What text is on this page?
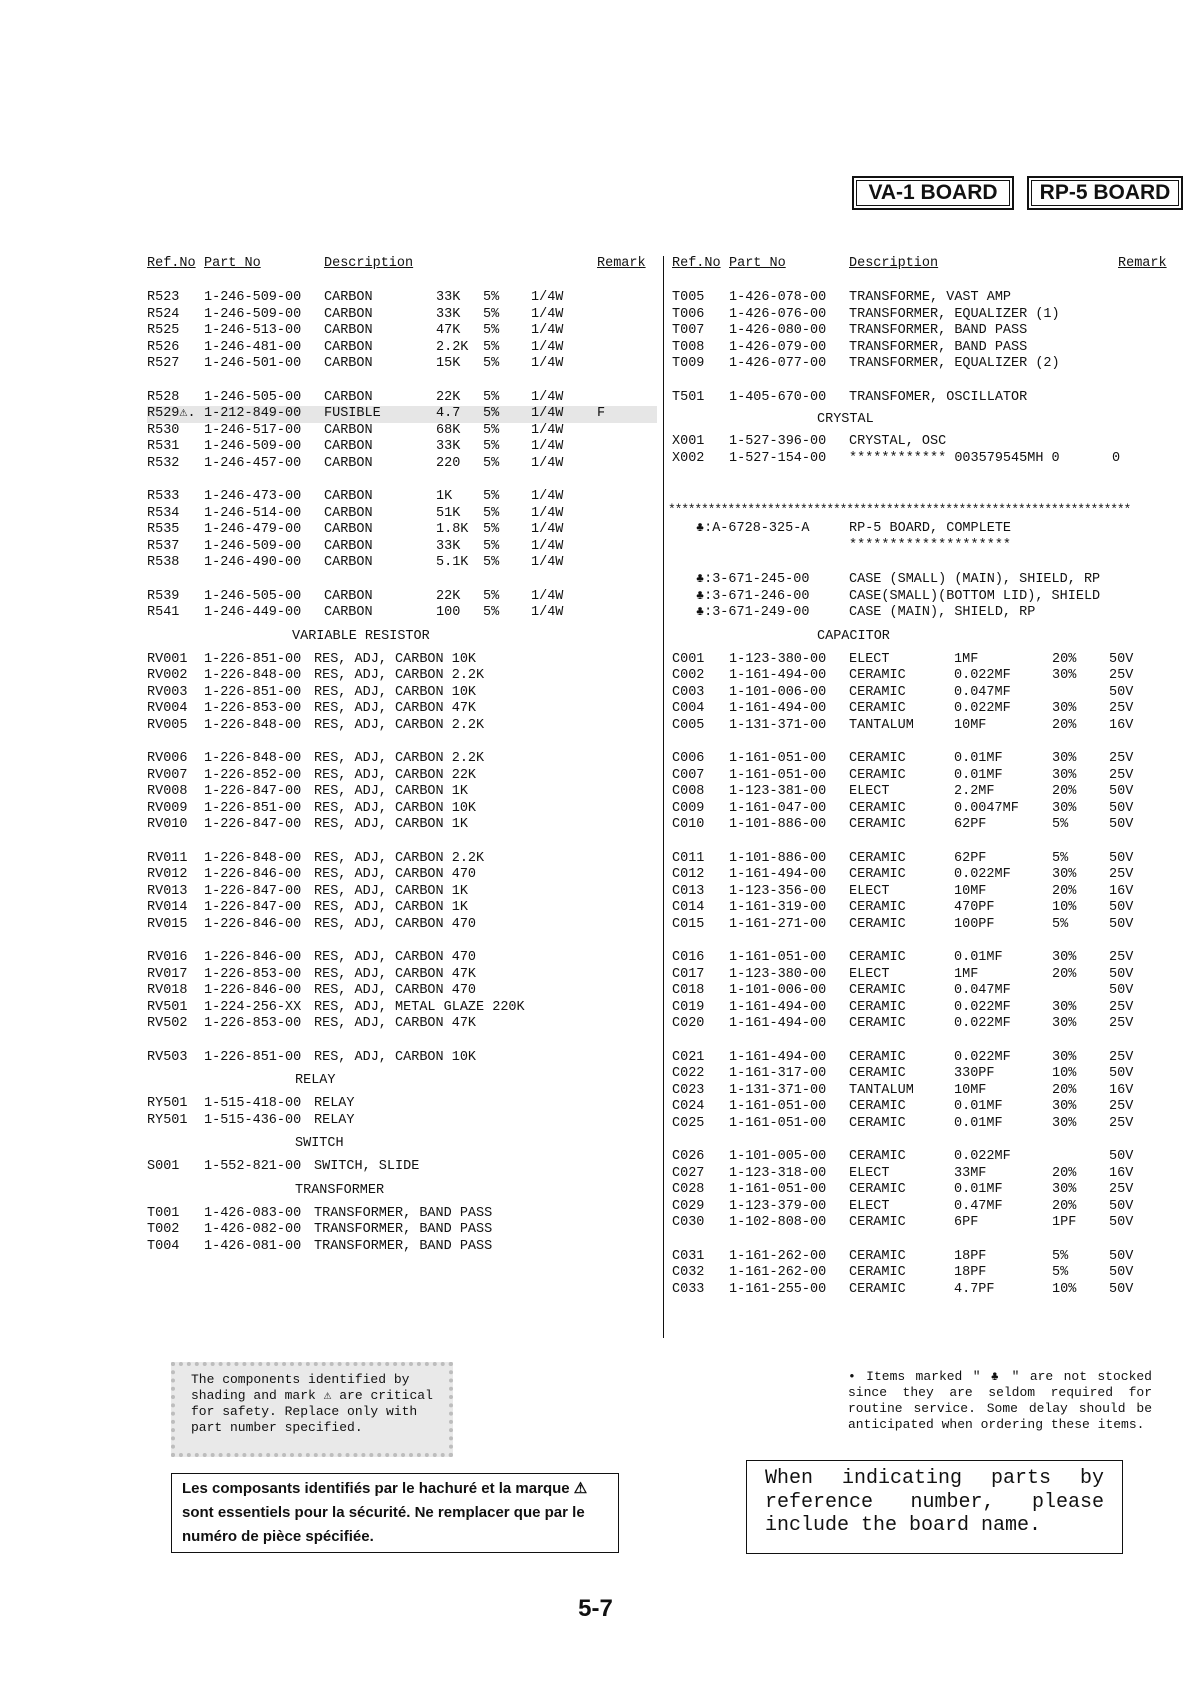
VA-1 BOARD RP-5 BOARD
Ref.No Part No	Description	Remark
R523 1-246-509-00 CARBON	33K 5% 1/4W
R524 1-246-509-00 CARBON	33K 5% 1/4W
R525 1-246-513-00 CARBON	47K 5% 1/4W
R526 1-246-481-00 CARBON	2.2K 5% 1/4W
R527 1-246-501-00 CARBON	15K 5% 1/4W
R528 1-246-505-00 CARBON	22K 5% 1/4W
R529⚠. 1-212-849-00 FUSIBLE	4.7 5% 1/4W F
R530 1-246-517-00 CARBON	68K 5% 1/4W
R531 1-246-509-00 CARBON	33K 5% 1/4W
R532 1-246-457-00 CARBON	220 5% 1/4W
R533 1-246-473-00 CARBON	1K 5% 1/4W
R534 1-246-514-00 CARBON	51K 5% 1/4W
R535 1-246-479-00 CARBON	1.8K 5% 1/4W
R537 1-246-509-00 CARBON	33K 5% 1/4W
R538 1-246-490-00 CARBON	5.1K 5% 1/4W
R539 1-246-505-00 CARBON	22K 5% 1/4W
R541 1-246-449-00 CARBON	100 5% 1/4W
VARIABLE RESISTOR
RV001 1-226-851-00 RES, ADJ, CARBON 10K
RV002 1-226-848-00 RES, ADJ, CARBON 2.2K
RV003 1-226-851-00 RES, ADJ, CARBON 10K
RV004 1-226-853-00 RES, ADJ, CARBON 47K
RV005 1-226-848-00 RES, ADJ, CARBON 2.2K
RV006 1-226-848-00 RES, ADJ, CARBON 2.2K
RV007 1-226-852-00 RES, ADJ, CARBON 22K
RV008 1-226-847-00 RES, ADJ, CARBON 1K
RV009 1-226-851-00 RES, ADJ, CARBON 10K
RV010 1-226-847-00 RES, ADJ, CARBON 1K
RV011 1-226-848-00 RES, ADJ, CARBON 2.2K
RV012 1-226-846-00 RES, ADJ, CARBON 470
RV013 1-226-847-00 RES, ADJ, CARBON 1K
RV014 1-226-847-00 RES, ADJ, CARBON 1K
RV015 1-226-846-00 RES, ADJ, CARBON 470
RV016 1-226-846-00 RES, ADJ, CARBON 470
RV017 1-226-853-00 RES, ADJ, CARBON 47K
RV018 1-226-846-00 RES, ADJ, CARBON 470
RV501 1-224-256-XX RES, ADJ, METAL GLAZE 220K
RV502 1-226-853-00 RES, ADJ, CARBON 47K
RV503 1-226-851-00 RES, ADJ, CARBON 10K
RELAY
RY501 1-515-418-00 RELAY
RY501 1-515-436-00 RELAY
SWITCH
S001 1-552-821-00 SWITCH, SLIDE
TRANSFORMER
T001 1-426-083-00 TRANSFORMER, BAND PASS
T002 1-426-082-00 TRANSFORMER, BAND PASS
T004 1-426-081-00 TRANSFORMER, BAND PASS
Ref.No Part No	Description	Remark
T005 1-426-078-00 TRANSFORME, VAST AMP
T006 1-426-076-00 TRANSFORMER, EQUALIZER (1)
T007 1-426-080-00 TRANSFORMER, BAND PASS
T008 1-426-079-00 TRANSFORMER, BAND PASS
T009 1-426-077-00 TRANSFORMER, EQUALIZER (2)
T501 1-405-670-00 TRANSFOMER, OSCILLATOR
CRYSTAL
X001 1-527-396-00 CRYSTAL, OSC
X002 1-527-154-00 ************ 003579545MH 0	0
♣:A-6728-325-A	RP-5 BOARD, COMPLETE
********************
♣:3-671-245-00	CASE (SMALL) (MAIN), SHIELD, RP
♣:3-671-246-00	CASE(SMALL)(BOTTOM LID), SHIELD
♣:3-671-249-00	CASE (MAIN), SHIELD, RP
CAPACITOR
C001 1-123-380-00 ELECT	1MF	20% 50V
C002 1-161-494-00 CERAMIC	0.022MF	30% 25V
C003 1-101-006-00 CERAMIC	0.047MF	50V
C004 1-161-494-00 CERAMIC	0.022MF	30% 25V
C005 1-131-371-00 TANTALUM	10MF	20% 16V
C006 1-161-051-00 CERAMIC	0.01MF	30% 25V
C007 1-161-051-00 CERAMIC	0.01MF	30% 25V
C008 1-123-381-00 ELECT	2.2MF	20% 50V
C009 1-161-047-00 CERAMIC	0.0047MF 30% 50V
C010 1-101-886-00 CERAMIC	62PF	5%	50V
C011 1-101-886-00 CERAMIC	62PF	5%	50V
C012 1-161-494-00 CERAMIC	0.022MF	30% 25V
C013 1-123-356-00 ELECT	10MF	20% 16V
C014 1-161-319-00 CERAMIC	470PF	10% 50V
C015 1-161-271-00 CERAMIC	100PF	5%	50V
C016 1-161-051-00 CERAMIC	0.01MF	30% 25V
C017 1-123-380-00 ELECT	1MF	20% 50V
C018 1-101-006-00 CERAMIC	0.047MF	50V
C019 1-161-494-00 CERAMIC	0.022MF	30% 25V
C020 1-161-494-00 CERAMIC	0.022MF	30% 25V
C021 1-161-494-00 CERAMIC	0.022MF	30% 25V
C022 1-161-317-00 CERAMIC	330PF	10% 50V
C023 1-131-371-00 TANTALUM	10MF	20% 16V
C024 1-161-051-00 CERAMIC	0.01MF	30% 25V
C025 1-161-051-00 CERAMIC	0.01MF	30% 25V
C026 1-101-005-00 CERAMIC	0.022MF	50V
C027 1-123-318-00 ELECT	33MF	20% 16V
C028 1-161-051-00 CERAMIC	0.01MF	30% 25V
C029 1-123-379-00 ELECT	0.47MF	20% 50V
C030 1-102-808-00 CERAMIC	6PF	1PF 50V
C031 1-161-262-00 CERAMIC	18PF	5%	50V
C032 1-161-262-00 CERAMIC	18PF	5%	50V
C033 1-161-255-00 CERAMIC	4.7PF	10% 50V
**********************************************************************
The components identified by shading and mark ⚠ are critical for safety. Replace only with part number specified.
Les composants identifiés par le hachuré et la marque ⚠ sont essentiels pour la sécurité. Ne remplacer que par le numéro de pièce spécifiée.
• Items marked " ♣ " are not stocked since they are seldom required for routine service. Some delay should be anticipated when ordering these items.
When indicating parts by reference number, please include the board name.
5-7
